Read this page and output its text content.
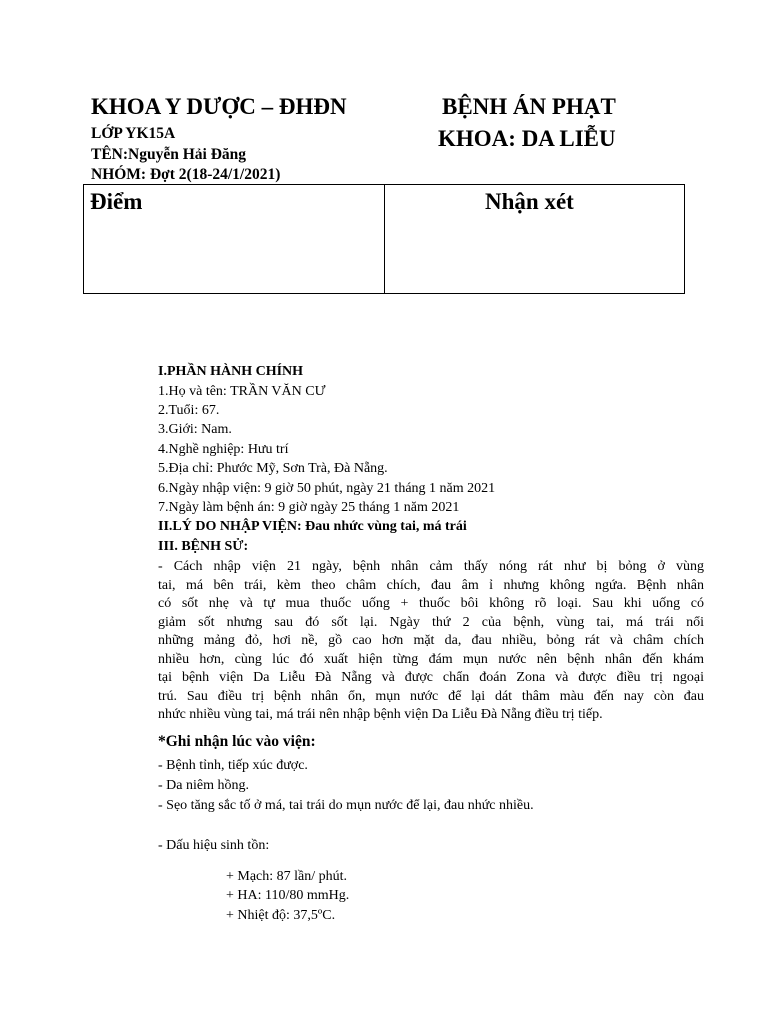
KHOA Y DƯỢC – ĐHĐN
LỚP YK15A
TÊN:Nguyễn Hải Đăng
NHÓM: Đợt 2(18-24/1/2021)
BỆNH ÁN PHẠT
KHOA: DA LIỄU
Điểm	Nhận xét
I.PHẦN HÀNH CHÍNH
1.Họ và tên: TRẦN VĂN CƯ
2.Tuổi: 67.
3.Giới: Nam.
4.Nghề nghiệp: Hưu trí
5.Địa chỉ: Phước Mỹ, Sơn Trà, Đà Nẵng.
6.Ngày nhập viện: 9 giờ 50 phút, ngày 21 tháng 1 năm 2021
7.Ngày làm bệnh án: 9 giờ ngày 25 tháng 1 năm 2021
II.LÝ DO NHẬP VIỆN: Đau nhức vùng tai, má trái
III. BỆNH SỬ:
- Cách nhập viện 21 ngày, bệnh nhân cảm thấy nóng rát như bị bỏng ở vùng
tai, má bên trái, kèm theo châm chích, đau âm ỉ nhưng không ngứa. Bệnh nhân
có sốt nhẹ và tự mua thuốc uống + thuốc bôi không rõ loại. Sau khi uống có
giảm sốt nhưng sau đó sốt lại. Ngày thứ 2 của bệnh, vùng tai, má trái nổi
những mảng đỏ, hơi nề, gồ cao hơn mặt da, đau nhiều, bỏng rát và châm chích
nhiều hơn, cùng lúc đó xuất hiện từng đám mụn nước nên bệnh nhân đến khám
tại bệnh viện Da Liễu Đà Nẵng và được chẩn đoán Zona và được điều trị ngoại
trú. Sau điều trị bệnh nhân ổn, mụn nước để lại dát thâm màu đến nay còn đau
nhức nhiều vùng tai, má trái nên nhập bệnh viện Da Liễu Đà Nẵng điều trị tiếp.
*Ghi nhận lúc vào viện:
- Bệnh tỉnh, tiếp xúc được.
- Da niêm hồng.
- Sẹo tăng sắc tố ở má, tai trái do mụn nước để lại, đau nhức nhiều.
- Dấu hiệu sinh tồn:
+ Mạch: 87 lần/ phút.
+ HA: 110/80 mmHg.
+ Nhiệt độ: 37,5ºC.
